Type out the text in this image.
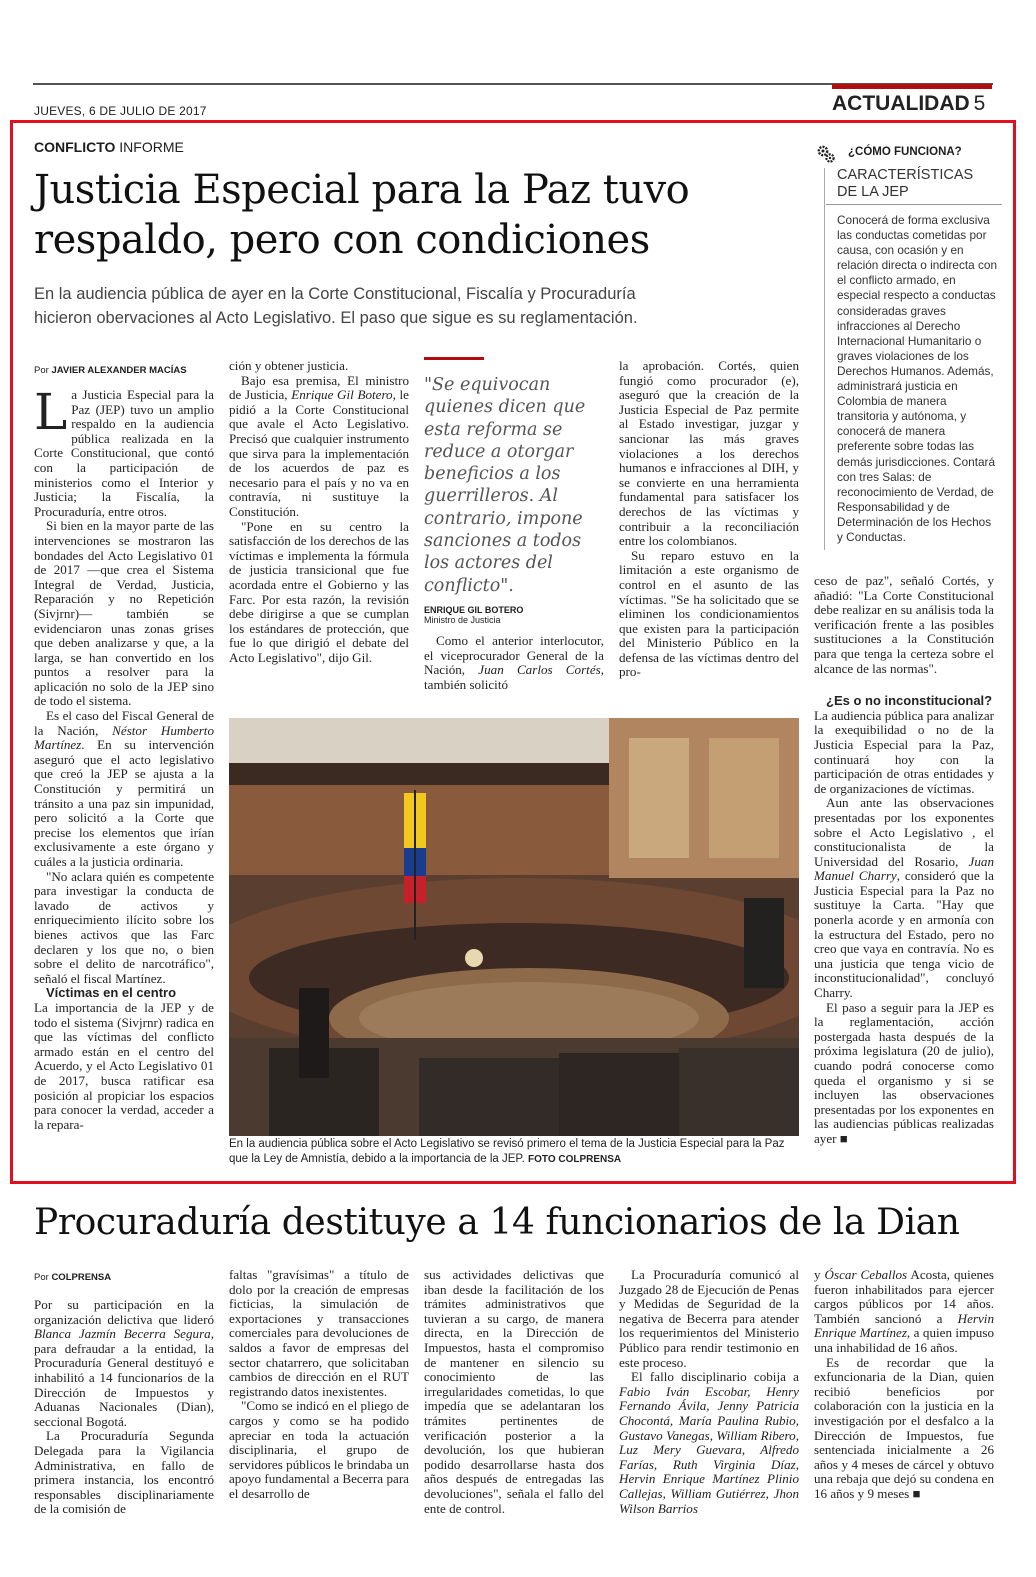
JUEVES, 6 DE JULIO DE 2017	ACTUALIDAD 5
CONFLICTO INFORME
Justicia Especial para la Paz tuvo
respaldo, pero con condiciones
En la audiencia pública de ayer en la Corte Constitucional, Fiscalía y Procuraduría
hicieron obervaciones al Acto Legislativo. El paso que sigue es su reglamentación.
¿CÓMO FUNCIONA?
CARACTERÍSTICAS
DE LA JEP
Conocerá de forma exclusiva las conductas cometidas por causa, con ocasión y en relación directa o indirecta con el conflicto armado, en especial respecto a conductas consideradas graves infracciones al Derecho Internacional Humanitario o graves violaciones de los Derechos Humanos. Además, administrará justicia en Colombia de manera transitoria y autónoma, y conocerá de manera preferente sobre todas las demás jurisdicciones. Contará con tres Salas: de reconocimiento de Verdad, de Responsabilidad y de Determinación de los Hechos y Conductas.
Por JAVIER ALEXANDER MACÍAS

La Justicia Especial para la Paz (JEP) tuvo un amplio respaldo en la audiencia pública realizada en la Corte Constitucional, que contó con la participación de ministerios como el Interior y Justicia; la Fiscalía, la Procuraduría, entre otros.

Si bien en la mayor parte de las intervenciones se mostraron las bondades del Acto Legislativo 01 de 2017 —que crea el Sistema Integral de Verdad, Justicia, Reparación y no Repetición (Sivjrnr)— también se evidenciaron unas zonas grises que deben analizarse y que, a la larga, se han convertido en los puntos a resolver para la aplicación no solo de la JEP sino de todo el sistema.

Es el caso del Fiscal General de la Nación, Néstor Humberto Martínez. En su intervención aseguró que el acto legislativo que creó la JEP se ajusta a la Constitución y permitirá un tránsito a una paz sin impunidad, pero solicitó a la Corte que precise los elementos que irían exclusivamente a este órgano y cuáles a la justicia ordinaria.

"No aclara quién es competente para investigar la conducta de lavado de activos y enriquecimiento ilícito sobre los bienes activos que las Farc declaren y los que no, o bien sobre el delito de narcotráfico", señaló el fiscal Martínez.

Víctimas en el centro

La importancia de la JEP y de todo el sistema (Sivjrnr) radica en que las víctimas del conflicto armado están en el centro del Acuerdo, y el Acto Legislativo 01 de 2017, busca ratificar esa posición al propiciar los espacios para conocer la verdad, acceder a la repara-

ción y obtener justicia.

Bajo esa premisa, El ministro de Justicia, Enrique Gil Botero, le pidió a la Corte Constitucional que avale el Acto Legislativo. Precisó que cualquier instrumento que sirva para la implementación de los acuerdos de paz es necesario para el país y no va en contravía, ni sustituye la Constitución.

"Pone en su centro la satisfacción de los derechos de las víctimas e implementa la fórmula de justicia transicional que fue acordada entre el Gobierno y las Farc. Por esta razón, la revisión debe dirigirse a que se cumplan los estándares de protección, que fue lo que dirigió el debate del Acto Legislativo", dijo Gil.

"Se equivocan quienes dicen que esta reforma se reduce a otorgar beneficios a los guerrilleros. Al contrario, impone sanciones a todos los actores del conflicto".
ENRIQUE GIL BOTERO
Ministro de Justicia

Como el anterior interlocutor, el viceprocurador General de la Nación, Juan Carlos Cortés, también solicitó

la aprobación. Cortés, quien fungió como procurador (e), aseguró que la creación de la Justicia Especial de Paz permite al Estado investigar, juzgar y sancionar las más graves violaciones a los derechos humanos e infracciones al DIH, y se convierte en una herramienta fundamental para satisfacer los derechos de las víctimas y contribuir a la reconciliación entre los colombianos.

Su reparo estuvo en la limitación a este organismo de control en el asunto de las víctimas. "Se ha solicitado que se eliminen los condicionamientos que existen para la participación del Ministerio Público en la defensa de las víctimas dentro del pro-

ceso de paz", señaló Cortés, y añadió: "La Corte Constitucional debe realizar en su análisis toda la verificación frente a las posibles sustituciones a la Constitución para que tenga la certeza sobre el alcance de las normas".

¿Es o no inconstitucional?

La audiencia pública para analizar la exequibilidad o no de la Justicia Especial para la Paz, continuará hoy con la participación de otras entidades y de organizaciones de víctimas.

Aun ante las observaciones presentadas por los exponentes sobre el Acto Legislativo , el constitucionalista de la Universidad del Rosario, Juan Manuel Charry, consideró que la Justicia Especial para la Paz no sustituye la Carta. "Hay que ponerla acorde y en armonía con la estructura del Estado, pero no creo que vaya en contravía. No es una justicia que tenga vicio de inconstitucionalidad", concluyó Charry.

El paso a seguir para la JEP es la reglamentación, acción postergada hasta después de la próxima legislatura (20 de julio), cuando podrá conocerse como queda el organismo y si se incluyen las observaciones presentadas por los exponentes en las audiencias públicas realizadas ayer ■

En la audiencia pública sobre el Acto Legislativo se revisó primero el tema de la Justicia Especial para la Paz que la Ley de Amnistía, debido a la importancia de la JEP. FOTO COLPRENSA
Procuraduría destituye a 14 funcionarios de la Dian
Por COLPRENSA

Por su participación en la organización delictiva que lideró Blanca Jazmín Becerra Segura, para defraudar a la entidad, la Procuraduría General destituyó e inhabilitó a 14 funcionarios de la Dirección de Impuestos y Aduanas Nacionales (Dian), seccional Bogotá.

La Procuraduría Segunda Delegada para la Vigilancia Administrativa, en fallo de primera instancia, los encontró responsables disciplinariamente de la comisión de

faltas "gravísimas" a título de dolo por la creación de empresas ficticias, la simulación de exportaciones y transacciones comerciales para devoluciones de saldos a favor de empresas del sector chatarrero, que solicitaban cambios de dirección en el RUT registrando datos inexistentes.

"Como se indicó en el pliego de cargos y como se ha podido apreciar en toda la actuación disciplinaria, el grupo de servidores públicos le brindaba un apoyo fundamental a Becerra para el desarrollo de

sus actividades delictivas que iban desde la facilitación de los trámites administrativos que tuvieran a su cargo, de manera directa, en la Dirección de Impuestos, hasta el compromiso de mantener en silencio su conocimiento de las irregularidades cometidas, lo que impedía que se adelantaran los trámites pertinentes de verificación posterior a la devolución, los que hubieran podido desarrollarse hasta dos años después de entregadas las devoluciones", señala el fallo del ente de control.

La Procuraduría comunicó al Juzgado 28 de Ejecución de Penas y Medidas de Seguridad de la negativa de Becerra para atender los requerimientos del Ministerio Público para rendir testimonio en este proceso.

El fallo disciplinario cobija a Fabio Iván Escobar, Henry Fernando Ávila, Jenny Patricia Chocontá, María Paulina Rubio, Gustavo Vanegas, William Ribero, Luz Mery Guevara, Alfredo Farías, Ruth Virginia Díaz, Hervin Enrique Martínez Plinio Callejas, William Gutiérrez, Jhon Wilson Barrios

y Óscar Ceballos Acosta, quienes fueron inhabilitados para ejercer cargos públicos por 14 años. También sancionó a Hervin Enrique Martínez, a quien impuso una inhabilidad de 16 años.

Es de recordar que la exfuncionaria de la Dian, quien recibió beneficios por colaboración con la justicia en la investigación por el desfalco a la Dirección de Impuestos, fue sentenciada inicialmente a 26 años y 4 meses de cárcel y obtuvo una rebaja que dejó su condena en 16 años y 9 meses ■
